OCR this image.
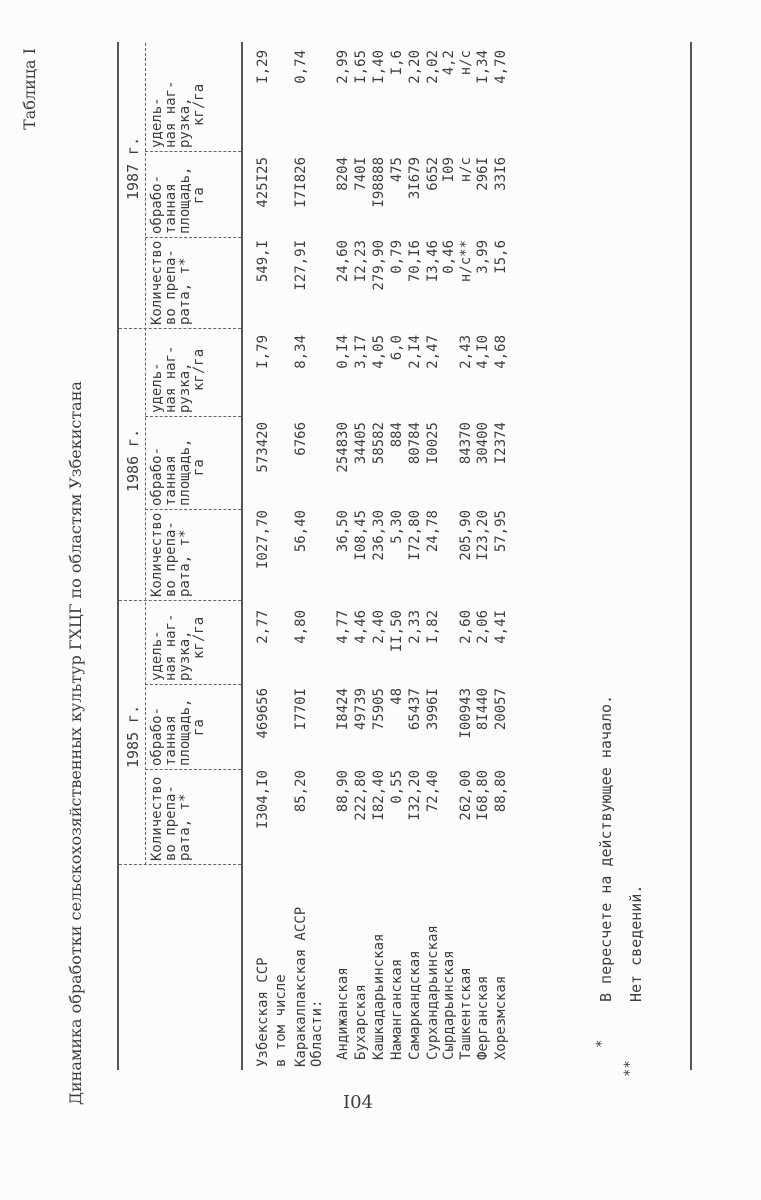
Таблица I
Динамика обработки сельскохозяйственных культур ГХЦГ по областям Узбекистана	1985 г.
1986 г.
1987 г.
Количество
во препа-
рата, т*
обрабо-
танная
площадь,
га
удель-
ная наг-
рузка,
кг/га
Количество
во препа-
рата, т*
обрабо-
танная
площадь,
га
удель-
ная наг-
рузка,
кг/га
Количество
во препа-
рата, т*
обрабо-
танная
площадь,
га
удель-
ная наг-
рузка,
кг/га
Узбекская ССР
I304,I0
469656
2,77
I027,70
573420
I,79
549,I
425I25
I,29
в том числе Каракалпакская АССР
85,20
I770I
4,80
56,40
6766
8,34
I27,9I
I7I826
0,74
Области: Андижанская
88,90
I8424
4,77
36,50
254830
0,I4
24,60
8204
2,99
Бухарская
222,80
49739
4,46
I08,45
34405
3,I7
I2,23
740I
I,65
Кашкадарьинская
I82,40
75905
2,40
236,30
58582
4,05
279,90
I98888
I,40
Наманганская
0,55
48
II,50
5,30
884
6,0
0,79
475
I,6
Самаркандская
I32,20
65437
2,33
I72,80
80784
2,I4
70,I6
3I679
2,20
Сурхандарьинская
72,40
3996I
I,82
24,78
I0025
2,47
I3,46
6652
2,02
Сырдарьинская
0,46
I09
4,2
Ташкентская
262,00
I00943
2,60
205,90
84370
2,43
н/с**
н/с
н/с
Ферганская
I68,80
8I440
2,06
I23,20
30400
4,I0
3,99
296I
I,34
Хорезмская
88,80
20057
4,4I
57,95
I2374
4,68
I5,6
33I6
4,70
*
В пересчете на действующее начало.
**
Нет сведений.
I04
